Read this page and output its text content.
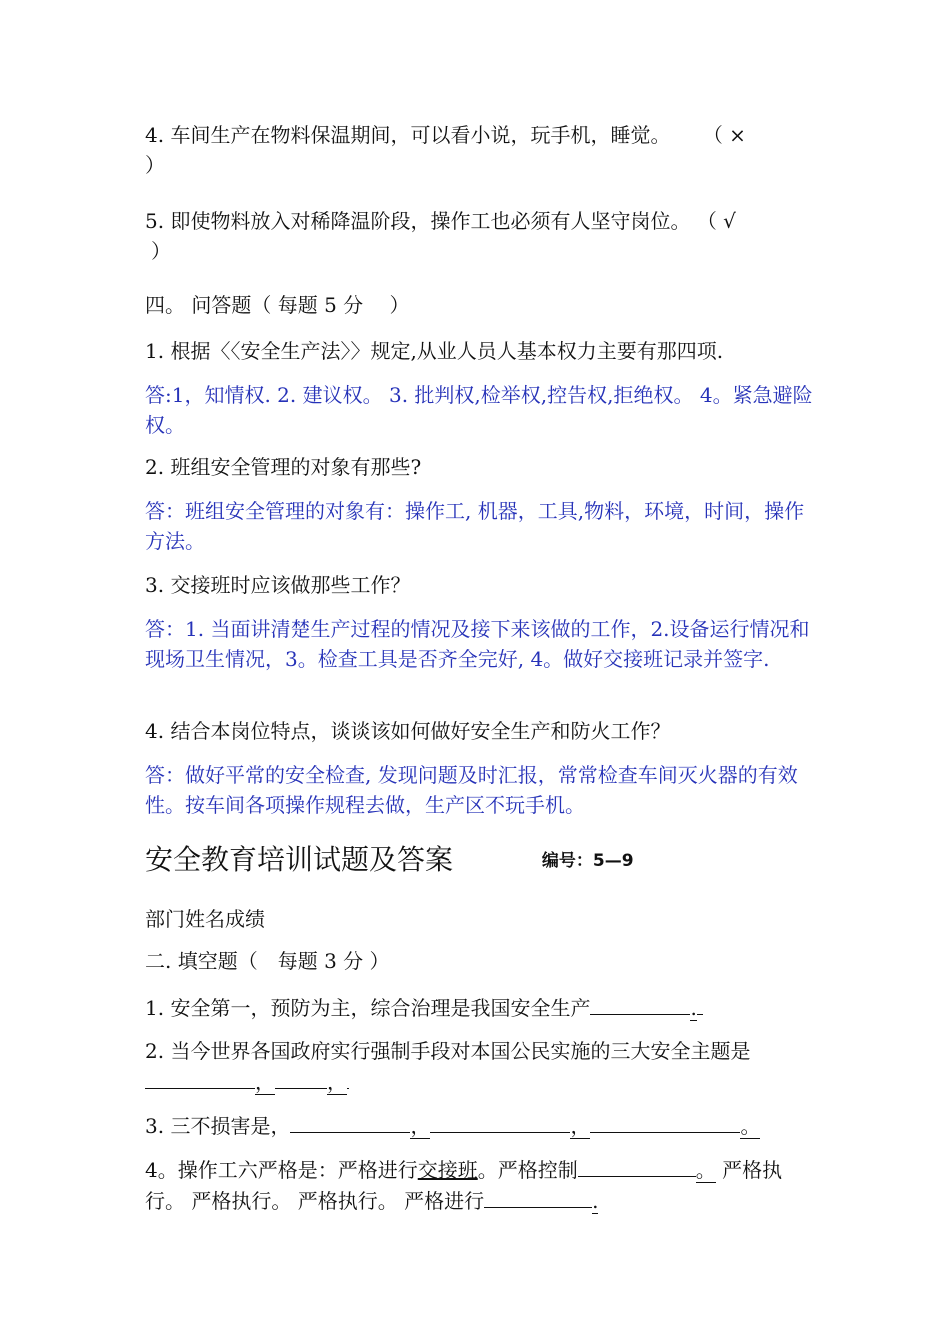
4. 车间生产在物料保温期间，可以看小说，玩手机，睡觉。 （ ×
）

5. 即使物料放入对稀降温阶段，操作工也必须有人坚守岗位。 （ √
）

四。 问答题（ 每题 5 分　 ）

1. 根据〈〈安全生产法〉〉规定,从业人员人基本权力主要有那四项.

答:1，知情权. 2. 建议权。 3. 批判权,检举权,控告权,拒绝权。 4。紧急避险权。

2. 班组安全管理的对象有那些?

答：班组安全管理的对象有：操作工, 机器，工具,物料，环境，时间，操作方法。

3. 交接班时应该做那些工作？

答：1. 当面讲清楚生产过程的情况及接下来该做的工作，2.设备运行情况和现场卫生情况，3。检查工具是否齐全完好, 4。做好交接班记录并签字.

4. 结合本岗位特点，谈谈该如何做好安全生产和防火工作？

答：做好平常的安全检查, 发现问题及时汇报，常常检查车间灭火器的有效性。按车间各项操作规程去做，生产区不玩手机。

安全教育培训试题及答案	编号：5—9

部门姓名成绩

二. 填空题（　每题 3 分 ）

1. 安全第一，预防为主，综合治理是我国安全生产	.

2. 当今世界各国政府实行强制手段对本国公民实施的三大安全主题是
，	，

3. 三不损害是，	，	，	。

4。操作工六严格是：严格进行交接班。严格控制	。 严格执行。 严格执行。 严格执行。 严格进行	.
